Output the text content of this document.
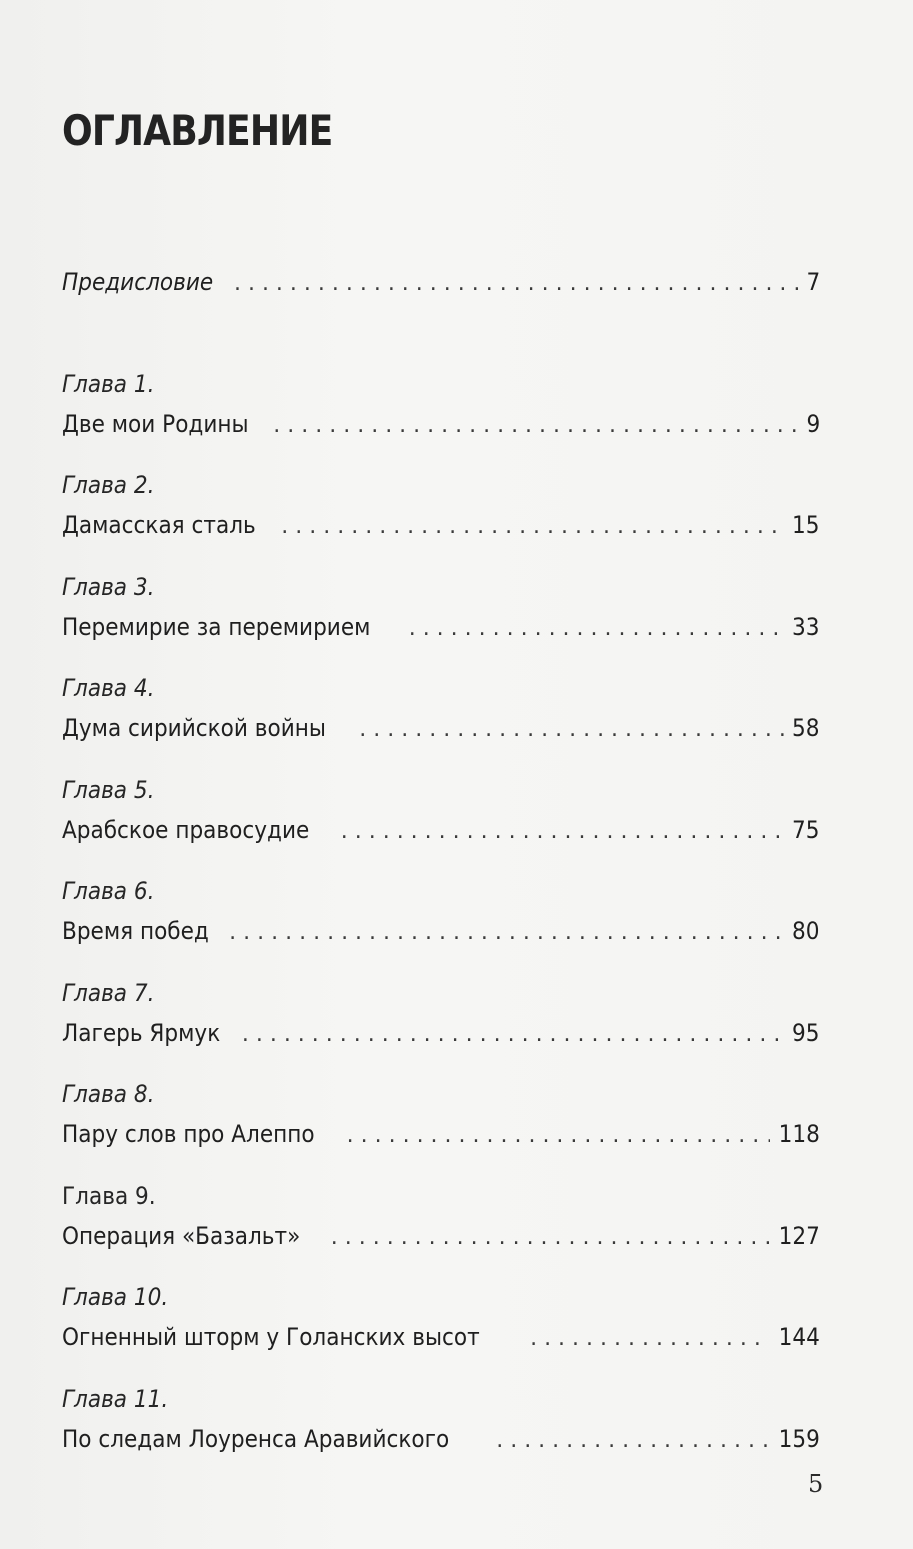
ОГЛАВЛЕНИЕ
Предисловие . . .	7
Глава 1.
Две мои Родины . . .	9
Глава 2.
Дамасская сталь . . .	15
Глава 3.
Перемирие за перемирием . . .	33
Глава 4.
Дума сирийской войны . . .	58
Глава 5.
Арабское правосудие . . .	75
Глава 6.
Время побед . . .	80
Глава 7.
Лагерь Ярмук . . .	95
Глава 8.
Пару слов про Алеппо . . .	118
Глава 9.
Операция «Базальт» . . .	127
Глава 10.
Огненный шторм у Голанских высот . . .	144
Глава 11.
По следам Лоуренса Аравийского . . .	159
5
